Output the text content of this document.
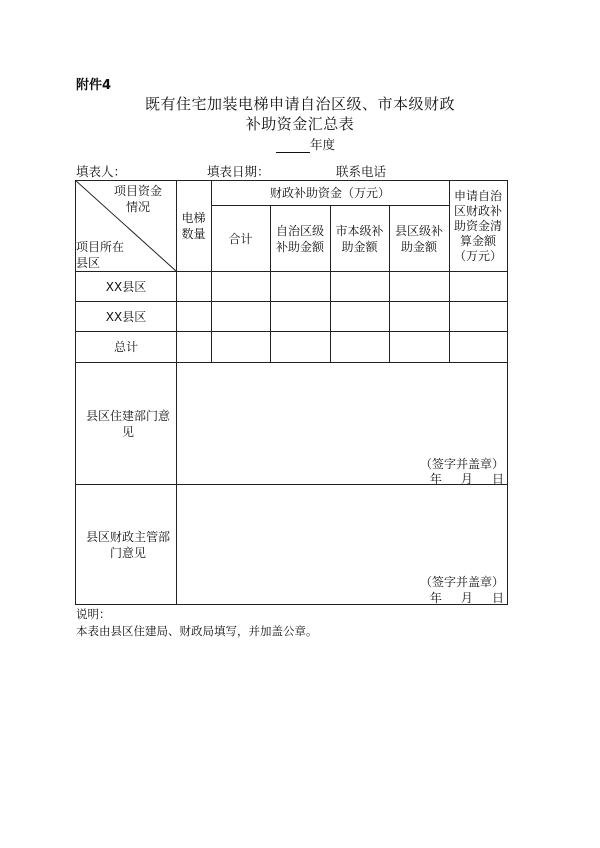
附件4
既有住宅加装电梯申请自治区级、市本级财政
补助资金汇总表
年度
填表人：	填表日期：	联系电话
项目资金
情况
项目所在
县区
电梯
数量
财政补助资金（万元）
合计
自治区级
补助金额
市本级补
助金额
县区级补
助金额
申请自治
区财政补
助资金清
算金额
（万元）
XX县区
XX县区
总计
县区住建部门意
见
（签字并盖章）
年     月     日
县区财政主管部
门意见
（签字并盖章）
年     月     日
说明：
本表由县区住建局、财政局填写，并加盖公章。
